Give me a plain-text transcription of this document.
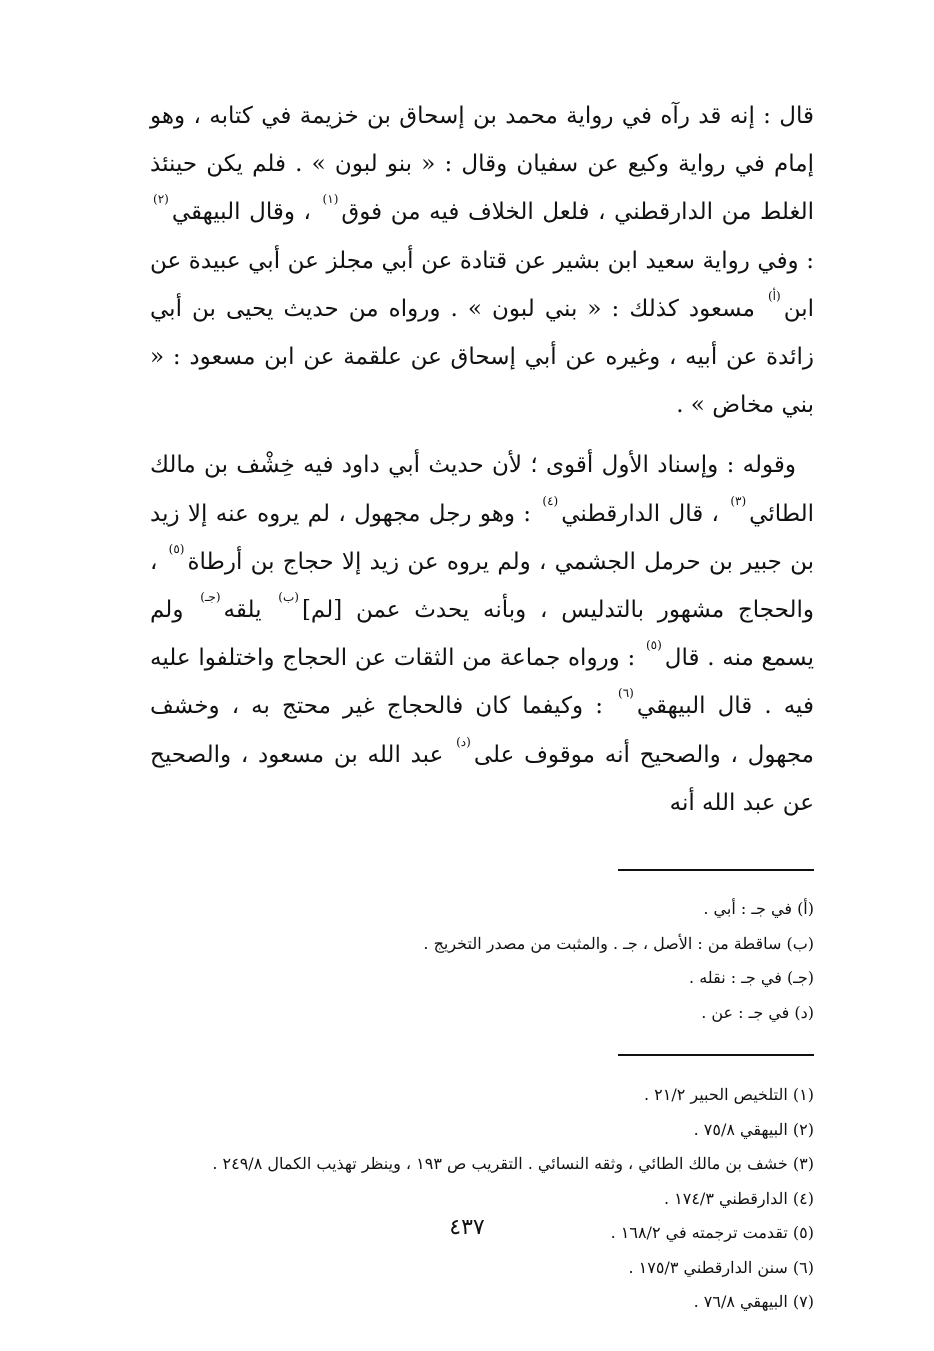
قال : إنه قد رآه في رواية محمد بن إسحاق بن خزيمة في كتابه ، وهو إمام في رواية وكيع عن سفيان وقال : « بنو لبون » . فلم يكن حينئذ الغلط من الدارقطني ، فلعل الخلاف فيه من فوق$^{(١)}$ ، وقال البيهقي$^{(٢)}$ : وفي رواية سعيد ابن بشير عن قتادة عن أبي مجلز عن أبي عبيدة عن ابن$^{(أ)}$ مسعود كذلك : « بني لبون » . ورواه من حديث يحيى بن أبي زائدة عن أبيه ، وغيره عن أبي إسحاق عن علقمة عن ابن مسعود : « بني مخاض » .

وقوله : وإسناد الأول أقوى ؛ لأن حديث أبي داود فيه خِشْف بن مالك الطائي$^{(٣)}$ ، قال الدارقطني$^{(٤)}$ : وهو رجل مجهول ، لم يروه عنه إلا زيد بن جبير بن حرمل الجشمي ، ولم يروه عن زيد إلا حجاج بن أرطاة$^{(٥)}$ ، والحجاج مشهور بالتدليس ، وبأنه يحدث عمن [لم]$^{(ب)}$ يلقه$^{(جـ)}$ ولم يسمع منه . قال$^{(٥)}$ : ورواه جماعة من الثقات عن الحجاج واختلفوا عليه فيه . قال البيهقي$^{(٦)}$ : وكيفما كان فالحجاج غير محتج به ، وخشف مجهول ، والصحيح أنه موقوف على$^{(د)}$ عبد الله بن مسعود ، والصحيح عن عبد الله أنه

(أ) في جـ : أبي .
(ب) ساقطة من : الأصل ، جـ . والمثبت من مصدر التخريج .
(جـ) في جـ : نقله .
(د) في جـ : عن .
(١) التلخيص الحبير ٢١/٢ .
(٢) البيهقي ٧٥/٨ .
(٣) خشف بن مالك الطائي ، وثقه النسائي . التقريب ص ١٩٣ ، وينظر تهذيب الكمال ٢٤٩/٨ .
(٤) الدارقطني ١٧٤/٣ .
(٥) تقدمت ترجمته في ١٦٨/٢ .
(٦) سنن الدارقطني ١٧٥/٣ .
(٧) البيهقي ٧٦/٨ .
٤٣٧
